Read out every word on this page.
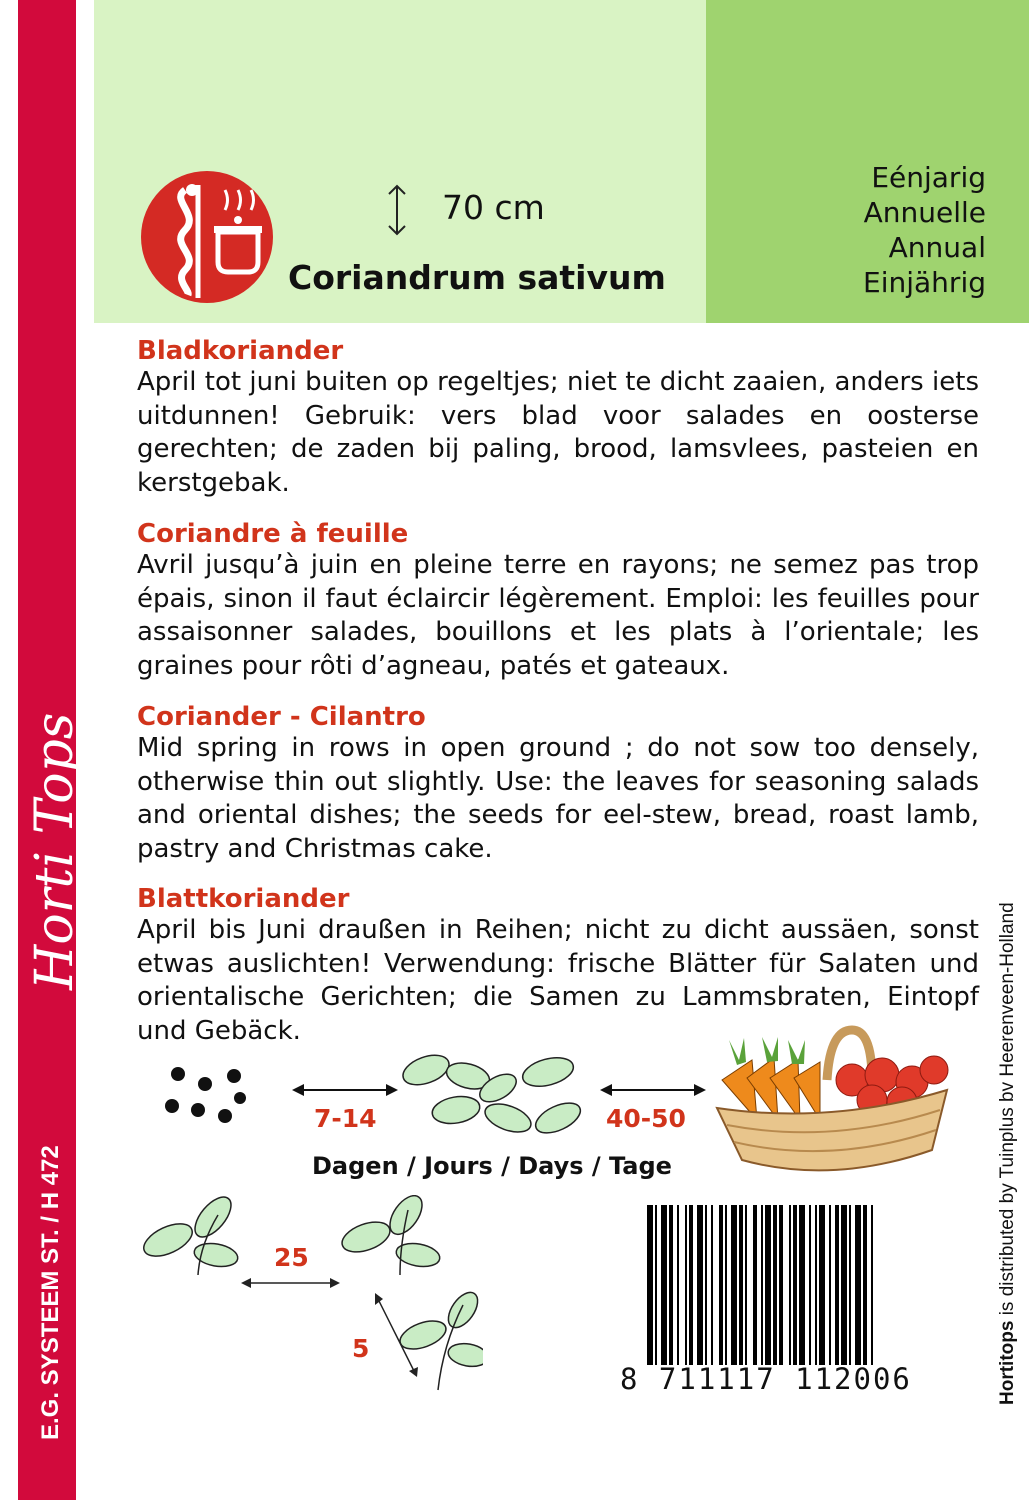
Horti Tops
E.G. SYSTEEM ST. / H 472
70 cm
Coriandrum sativum
Eénjarig
Annuelle
Annual
Einjährig

Bladkoriander

April tot juni buiten op regeltjes; niet te dicht zaaien, anders iets uitdunnen! Gebruik: vers blad voor salades en oosterse gerechten; de zaden bij paling, brood, lamsvlees, pasteien en kerstgebak.

Coriandre à feuille

Avril jusqu’à juin en pleine terre en rayons; ne semez pas trop épais, sinon il faut éclaircir légèrement. Emploi: les feuilles pour assaisonner salades, bouillons et les plats à l’orientale; les graines pour rôti d’agneau, patés et gateaux.

Coriander - Cilantro

Mid spring in rows in open ground ; do not sow too densely, otherwise thin out slightly. Use: the leaves for seasoning salads and oriental dishes; the seeds for eel-stew, bread, roast lamb, pastry and Christmas cake.

Blattkoriander

April bis Juni draußen in Reihen; nicht zu dicht aussäen, sonst etwas auslichten! Verwendung: frische Blätter für Salaten und orientalische Gerichten; die Samen zu Lammsbraten, Eintopf und Gebäck.

7-14	40-50
Dagen / Jours / Days / Tage
25
5
8 711117 112006	Hortitops is distributed by Tuinplus bv Heerenveen-Holland
